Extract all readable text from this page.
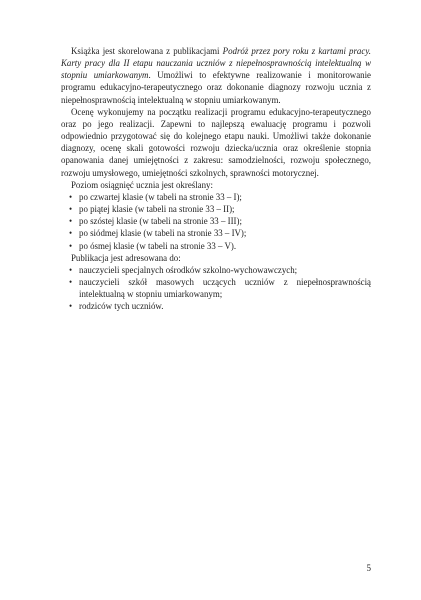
Książka jest skorelowana z publikacjami Podróż przez pory roku z kartami pracy. Karty pracy dla II etapu nauczania uczniów z niepełnosprawnością intelektualną w stopniu umiarkowanym. Umożliwi to efektywne realizowanie i monitorowanie programu edukacyjno-terapeutycznego oraz dokonanie diagnozy rozwoju ucznia z niepełnosprawnością intelektualną w stopniu umiarkowanym.

Ocenę wykonujemy na początku realizacji programu edukacyjno-terapeutycznego oraz po jego realizacji. Zapewni to najlepszą ewaluację programu i pozwoli odpowiednio przygotować się do kolejnego etapu nauki. Umożliwi także dokonanie diagnozy, ocenę skali gotowości rozwoju dziecka/ucznia oraz określenie stopnia opanowania danej umiejętności z zakresu: samodzielności, rozwoju społecznego, rozwoju umysłowego, umiejętności szkolnych, sprawności motorycznej.

Poziom osiągnięć ucznia jest określany:

• po czwartej klasie (w tabeli na stronie 33 – I);
• po piątej klasie (w tabeli na stronie 33 – II);
• po szóstej klasie (w tabeli na stronie 33 – III);
• po siódmej klasie (w tabeli na stronie 33 – IV);
• po ósmej klasie (w tabeli na stronie 33 – V).

Publikacja jest adresowana do:

• nauczycieli specjalnych ośrodków szkolno-wychowawczych;
• nauczycieli szkół masowych uczących uczniów z niepełnosprawnością intelektualną w stopniu umiarkowanym;
• rodziców tych uczniów.
5
